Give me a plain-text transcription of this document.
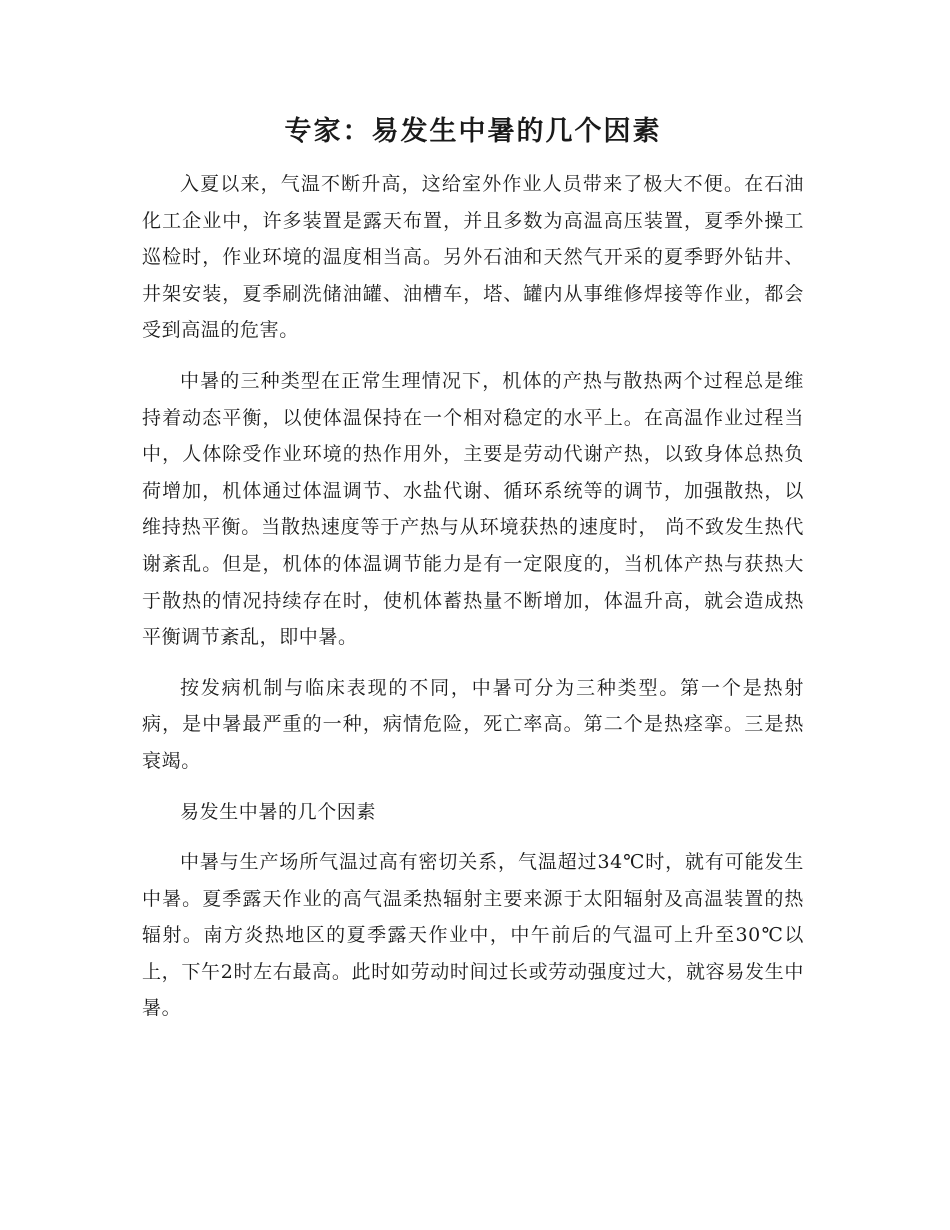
专家：易发生中暑的几个因素

入夏以来，气温不断升高，这给室外作业人员带来了极大不便。在石油化工企业中，许多装置是露天布置，并且多数为高温高压装置，夏季外操工巡检时，作业环境的温度相当高。另外石油和天然气开采的夏季野外钻井、井架安装，夏季刷洗储油罐、油槽车，塔、罐内从事维修焊接等作业，都会受到高温的危害。

中暑的三种类型在正常生理情况下，机体的产热与散热两个过程总是维持着动态平衡，以使体温保持在一个相对稳定的水平上。在高温作业过程当中，人体除受作业环境的热作用外，主要是劳动代谢产热，以致身体总热负荷增加，机体通过体温调节、水盐代谢、循环系统等的调节，加强散热，以维持热平衡。当散热速度等于产热与从环境获热的速度时， 尚不致发生热代谢紊乱。但是，机体的体温调节能力是有一定限度的，当机体产热与获热大于散热的情况持续存在时，使机体蓄热量不断增加，体温升高，就会造成热平衡调节紊乱，即中暑。

按发病机制与临床表现的不同，中暑可分为三种类型。第一个是热射病，是中暑最严重的一种，病情危险，死亡率高。第二个是热痉挛。三是热衰竭。

易发生中暑的几个因素

中暑与生产场所气温过高有密切关系，气温超过34℃时，就有可能发生中暑。夏季露天作业的高气温柔热辐射主要来源于太阳辐射及高温装置的热辐射。南方炎热地区的夏季露天作业中，中午前后的气温可上升至30℃以上，下午2时左右最高。此时如劳动时间过长或劳动强度过大，就容易发生中暑。
